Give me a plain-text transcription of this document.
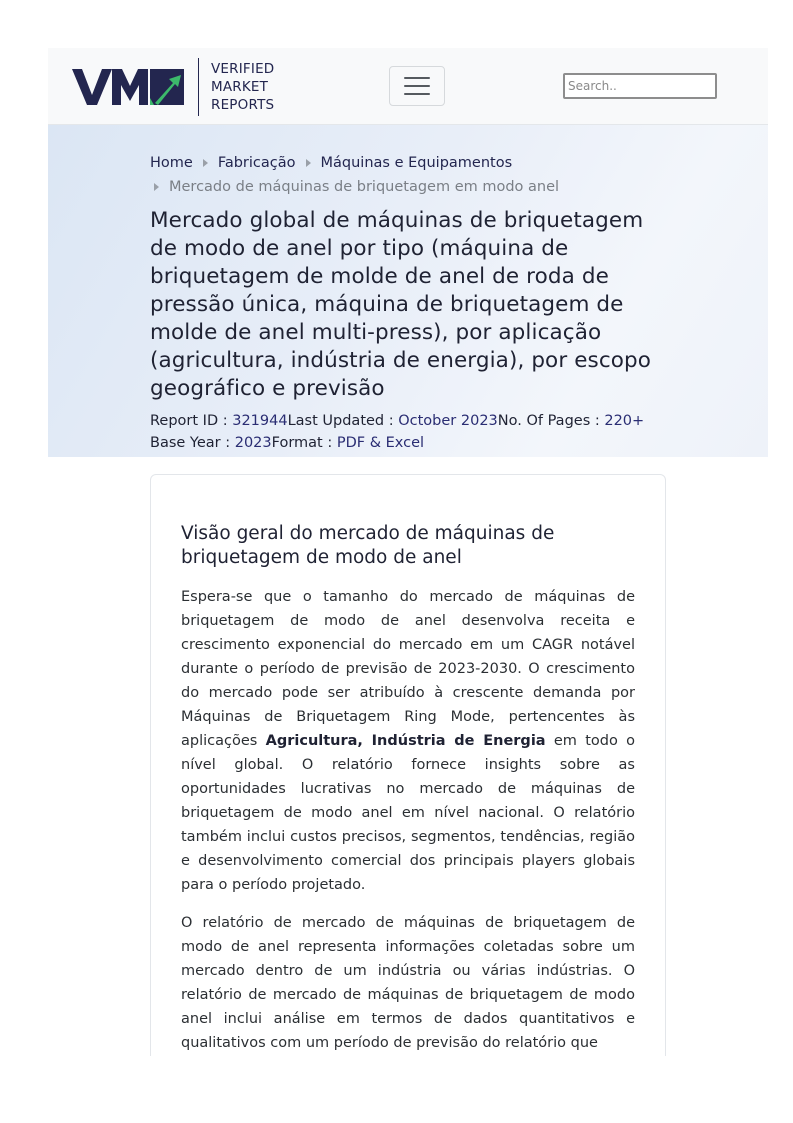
VERIFIED
MARKET
REPORTS
Search..
Home Fabricação Máquinas e Equipamentos
Mercado de máquinas de briquetagem em modo anel
Mercado global de máquinas de briquetagem de modo de anel por tipo (máquina de briquetagem de molde de anel de roda de pressão única, máquina de briquetagem de molde de anel multi-press), por aplicação (agricultura, indústria de energia), por escopo geográfico e previsão
Report ID : 321944Last Updated : October 2023No. Of Pages : 220+
Base Year : 2023Format : PDF & Excel
Visão geral do mercado de máquinas de briquetagem de modo de anel

Espera-se que o tamanho do mercado de máquinas de briquetagem de modo de anel desenvolva receita e crescimento exponencial do mercado em um CAGR notável durante o período de previsão de 2023-2030. O crescimento do mercado pode ser atribuído à crescente demanda por Máquinas de Briquetagem Ring Mode, pertencentes às aplicações Agricultura, Indústria de Energia em todo o nível global. O relatório fornece insights sobre as oportunidades lucrativas no mercado de máquinas de briquetagem de modo anel em nível nacional. O relatório também inclui custos precisos, segmentos, tendências, região e desenvolvimento comercial dos principais players globais para o período projetado.

O relatório de mercado de máquinas de briquetagem de modo de anel representa informações coletadas sobre um mercado dentro de um indústria ou várias indústrias. O relatório de mercado de máquinas de briquetagem de modo anel inclui análise em termos de dados quantitativos e qualitativos com um período de previsão do relatório que
